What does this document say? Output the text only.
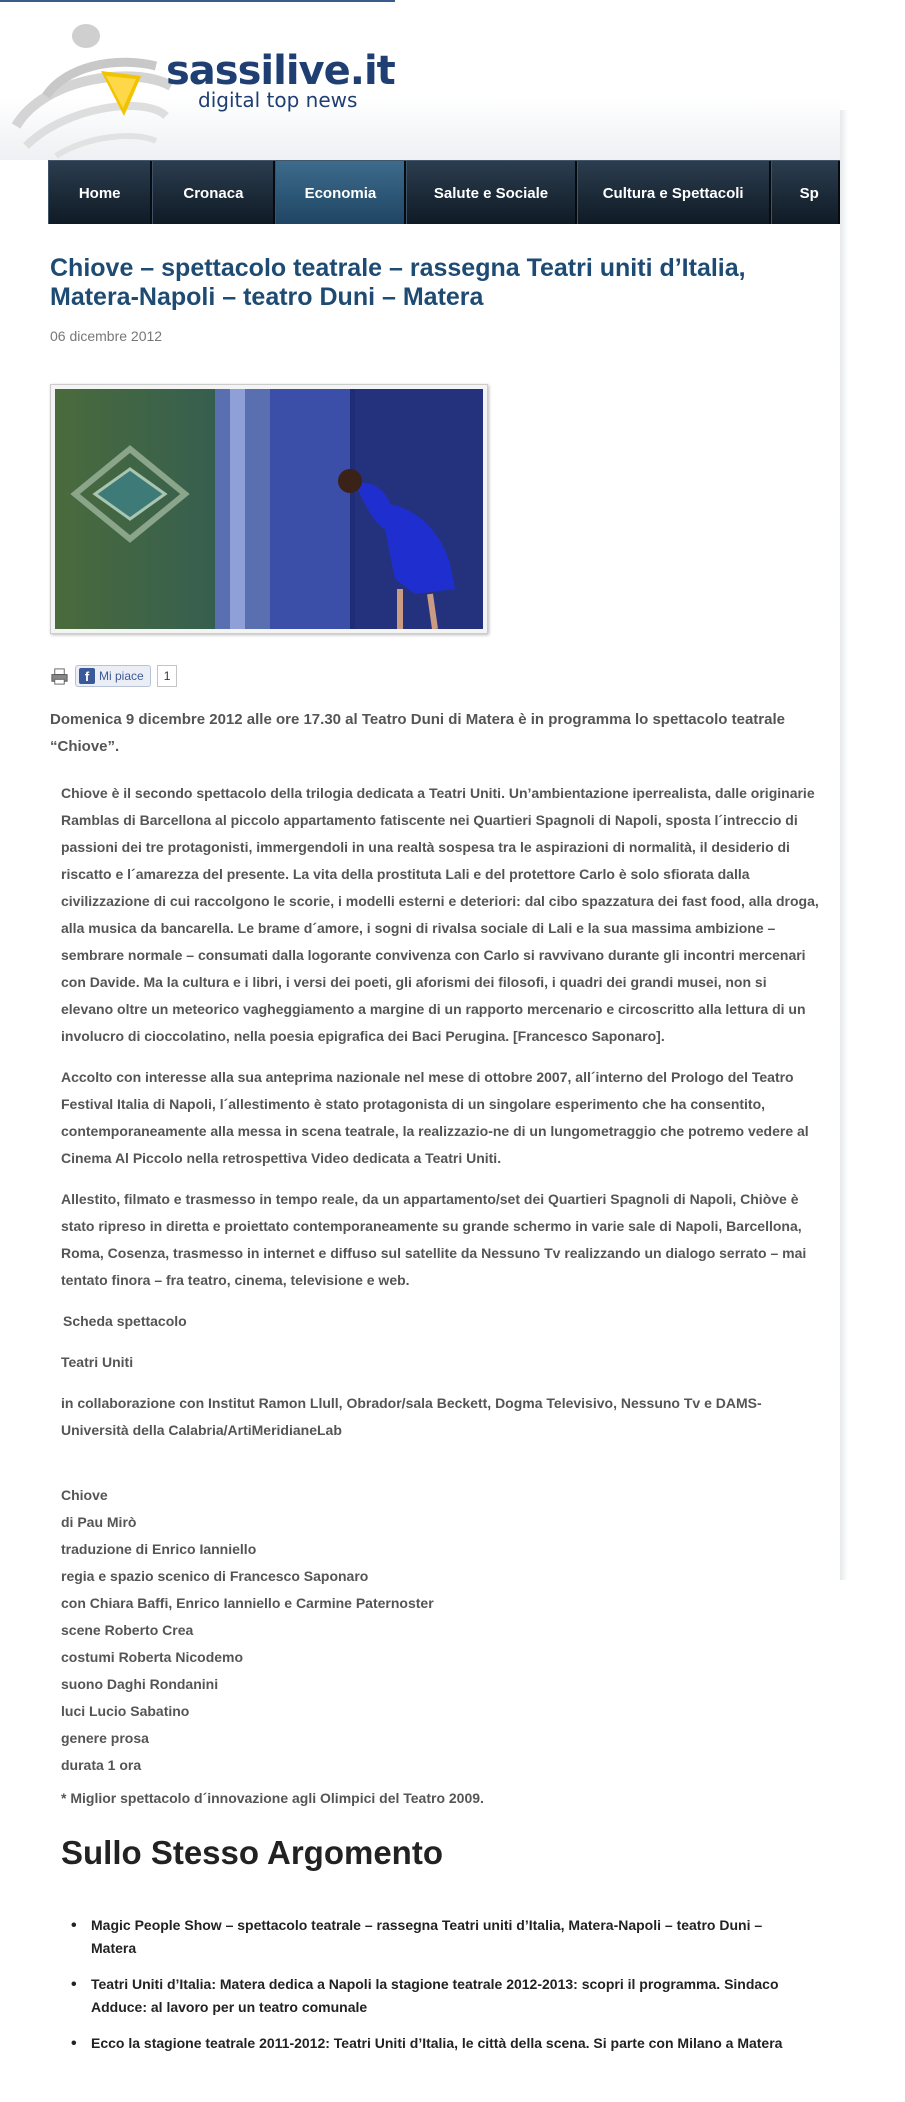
sassilive.it
digital top news
Home	Cronaca	Economia	Salute e Sociale	Cultura e Spettacoli	Sp
Chiove – spettacolo teatrale – rassegna Teatri uniti d’Italia, Matera-Napoli – teatro Duni – Matera
06 dicembre 2012
f Mi piace	1

Domenica 9 dicembre 2012 alle ore 17.30 al Teatro Duni di Matera è in programma lo spettacolo teatrale “Chiove”.

Chiove è il secondo spettacolo della trilogia dedicata a Teatri Uniti. Un’ambientazione iperrealista, dalle originarie Ramblas di Barcellona al piccolo appartamento fatiscente nei Quartieri Spagnoli di Napoli, sposta l´intreccio di passioni dei tre protagonisti, immergendoli in una realtà sospesa tra le aspirazioni di normalità, il desiderio di riscatto e l´amarezza del presente. La vita della prostituta Lali e del protettore Carlo è solo sfiorata dalla civilizzazione di cui raccolgono le scorie, i modelli esterni e deteriori: dal cibo spazzatura dei fast food, alla droga, alla musica da bancarella. Le brame d´amore, i sogni di rivalsa sociale di Lali e la sua massima ambizione – sembrare normale – consumati dalla logorante convivenza con Carlo si ravvivano durante gli incontri mercenari con Davide. Ma la cultura e i libri, i versi dei poeti, gli aforismi dei filosofi, i quadri dei grandi musei, non si elevano oltre un meteorico vagheggiamento a margine di un rapporto mercenario e circoscritto alla lettura di un involucro di cioccolatino, nella poesia epigrafica dei Baci Perugina. [Francesco Saponaro].

Accolto con interesse alla sua anteprima nazionale nel mese di ottobre 2007, all´interno del Prologo del Teatro Festival Italia di Napoli, l´allestimento è stato protagonista di un singolare esperimento che ha consentito, contemporaneamente alla messa in scena teatrale, la realizzazio-ne di un lungometraggio che potremo vedere al Cinema Al Piccolo nella retrospettiva Video dedicata a Teatri Uniti.

Allestito, filmato e trasmesso in tempo reale, da un appartamento/set dei Quartieri Spagnoli di Napoli, Chiòve è stato ripreso in diretta e proiettato contemporaneamente su grande schermo in varie sale di Napoli, Barcellona, Roma, Cosenza, trasmesso in internet e diffuso sul satellite da Nessuno Tv realizzando un dialogo serrato – mai tentato finora – fra teatro, cinema, televisione e web.

Scheda spettacolo

Teatri Uniti

in collaborazione con Institut Ramon Llull, Obrador/sala Beckett, Dogma Televisivo, Nessuno Tv e DAMS-Università della Calabria/ArtiMeridianeLab

Chiove
di Pau Mirò
traduzione di Enrico Ianniello
regia e spazio scenico di Francesco Saponaro
con Chiara Baffi, Enrico Ianniello e Carmine Paternoster
scene Roberto Crea
costumi Roberta Nicodemo
suono Daghi Rondanini
luci Lucio Sabatino
genere prosa
durata 1 ora

* Miglior spettacolo d´innovazione agli Olimpici del Teatro 2009.

Sullo Stesso Argomento
• Magic People Show – spettacolo teatrale – rassegna Teatri uniti d’Italia, Matera-Napoli – teatro Duni – Matera
• Teatri Uniti d’Italia: Matera dedica a Napoli la stagione teatrale 2012-2013: scopri il programma. Sindaco Adducе: al lavoro per un teatro comunale
• Ecco la stagione teatrale 2011-2012: Teatri Uniti d’Italia, le città della scena. Si parte con Milano a Matera
